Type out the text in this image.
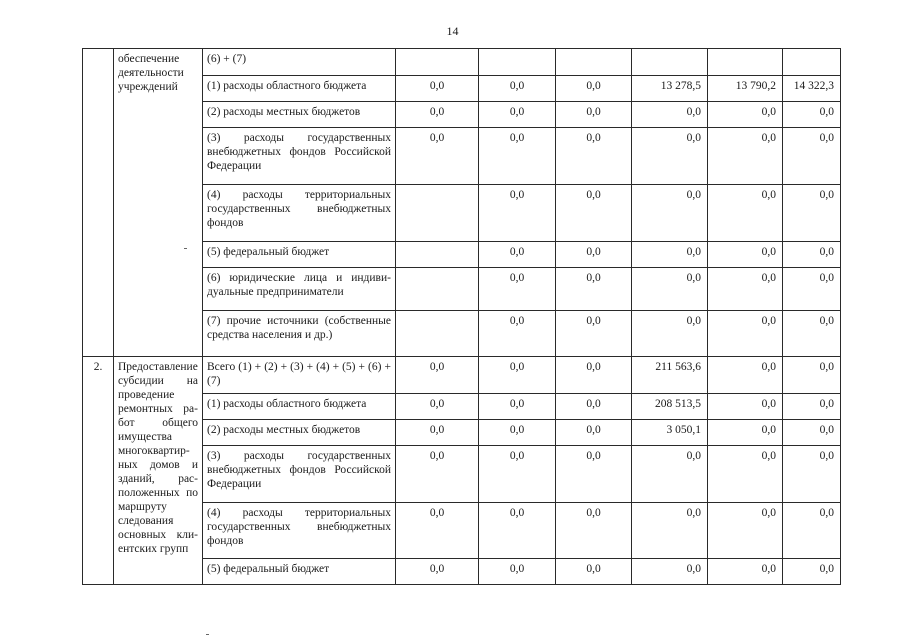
14
	обеспечение деятельности учреждений	(6) + (7)						
		(1) расходы областного бюджета	0,0	0,0	0,0	13 278,5	13 790,2	14 322,3
		(2) расходы местных бюджетов	0,0	0,0	0,0	0,0	0,0	0,0
		(3) расходы государственных внебюджетных фондов Российской Федерации	0,0	0,0	0,0	0,0	0,0	0,0
		(4) расходы территориальных государственных внебюджетных фондов		0,0	0,0	0,0	0,0	0,0
		(5) федеральный бюджет		0,0	0,0	0,0	0,0	0,0
		(6) юридические лица и индивидуальные предприниматели		0,0	0,0	0,0	0,0	0,0
		(7) прочие источники (собственные средства населения и др.)		0,0	0,0	0,0	0,0	0,0
2.	Предоставление субсидии на проведение ремонтных работ общего имущества многоквартирных домов и зданий, расположенных по маршруту следования основных клиентских групп	Всего (1) + (2) + (3) + (4) + (5) + (6) + (7)	0,0	0,0	0,0	211 563,6	0,0	0,0
		(1) расходы областного бюджета	0,0	0,0	0,0	208 513,5	0,0	0,0
		(2) расходы местных бюджетов	0,0	0,0	0,0	3 050,1	0,0	0,0
		(3) расходы государственных внебюджетных фондов Российской Федерации	0,0	0,0	0,0	0,0	0,0	0,0
		(4) расходы территориальных государственных внебюджетных фондов	0,0	0,0	0,0	0,0	0,0	0,0
		(5) федеральный бюджет	0,0	0,0	0,0	0,0	0,0	0,0
